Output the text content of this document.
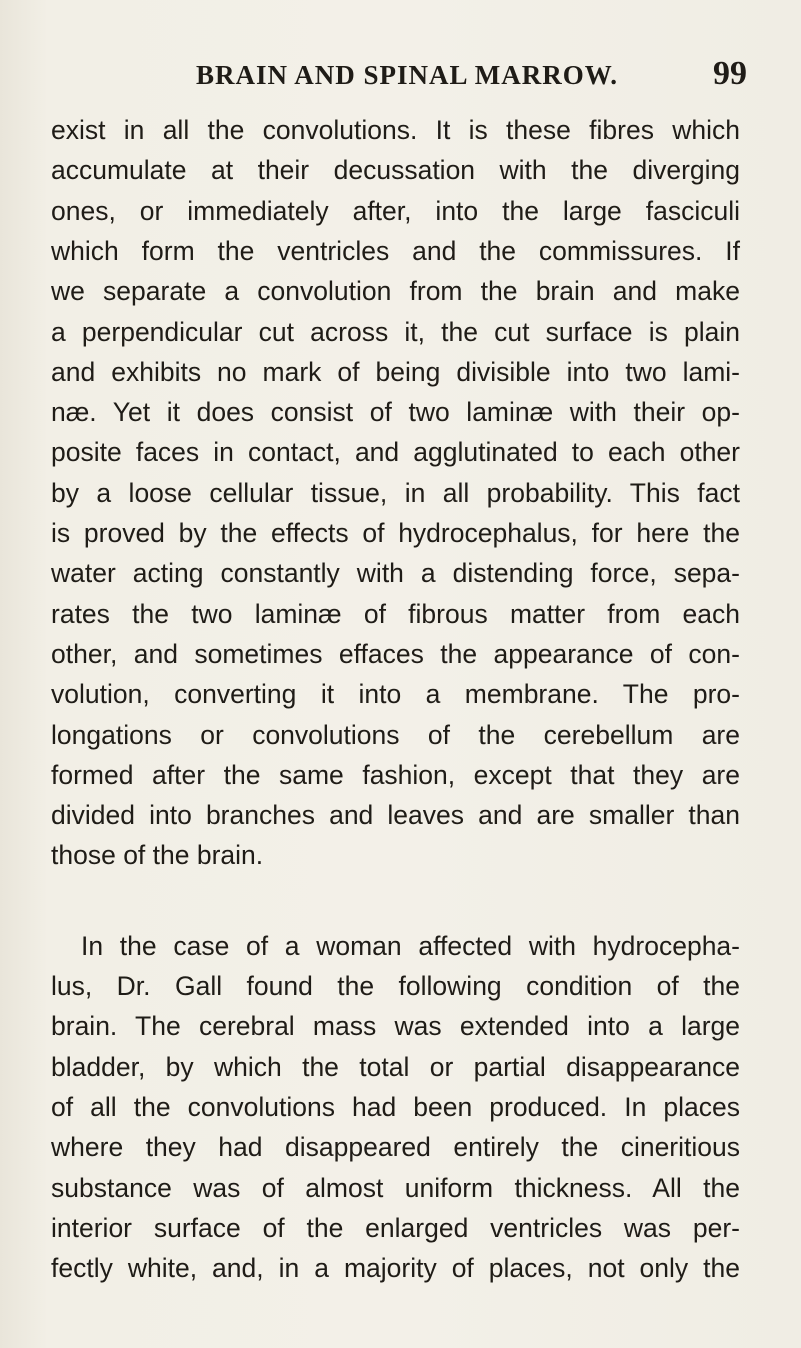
BRAIN AND SPINAL MARROW.	99
exist in all the convolutions. It is these fibres which
accumulate at their decussation with the diverging
ones, or immediately after, into the large fasciculi
which form the ventricles and the commissures. If
we separate a convolution from the brain and make
a perpendicular cut across it, the cut surface is plain
and exhibits no mark of being divisible into two lami-
næ. Yet it does consist of two laminæ with their op-
posite faces in contact, and agglutinated to each other
by a loose cellular tissue, in all probability. This fact
is proved by the effects of hydrocephalus, for here the
water acting constantly with a distending force, sepa-
rates the two laminæ of fibrous matter from each
other, and sometimes effaces the appearance of con-
volution, converting it into a membrane. The pro-
longations or convolutions of the cerebellum are
formed after the same fashion, except that they are
divided into branches and leaves and are smaller than
those of the brain.
In the case of a woman affected with hydrocepha-
lus, Dr. Gall found the following condition of the
brain. The cerebral mass was extended into a large
bladder, by which the total or partial disappearance
of all the convolutions had been produced. In places
where they had disappeared entirely the cineritious
substance was of almost uniform thickness. All the
interior surface of the enlarged ventricles was per-
fectly white, and, in a majority of places, not only the
